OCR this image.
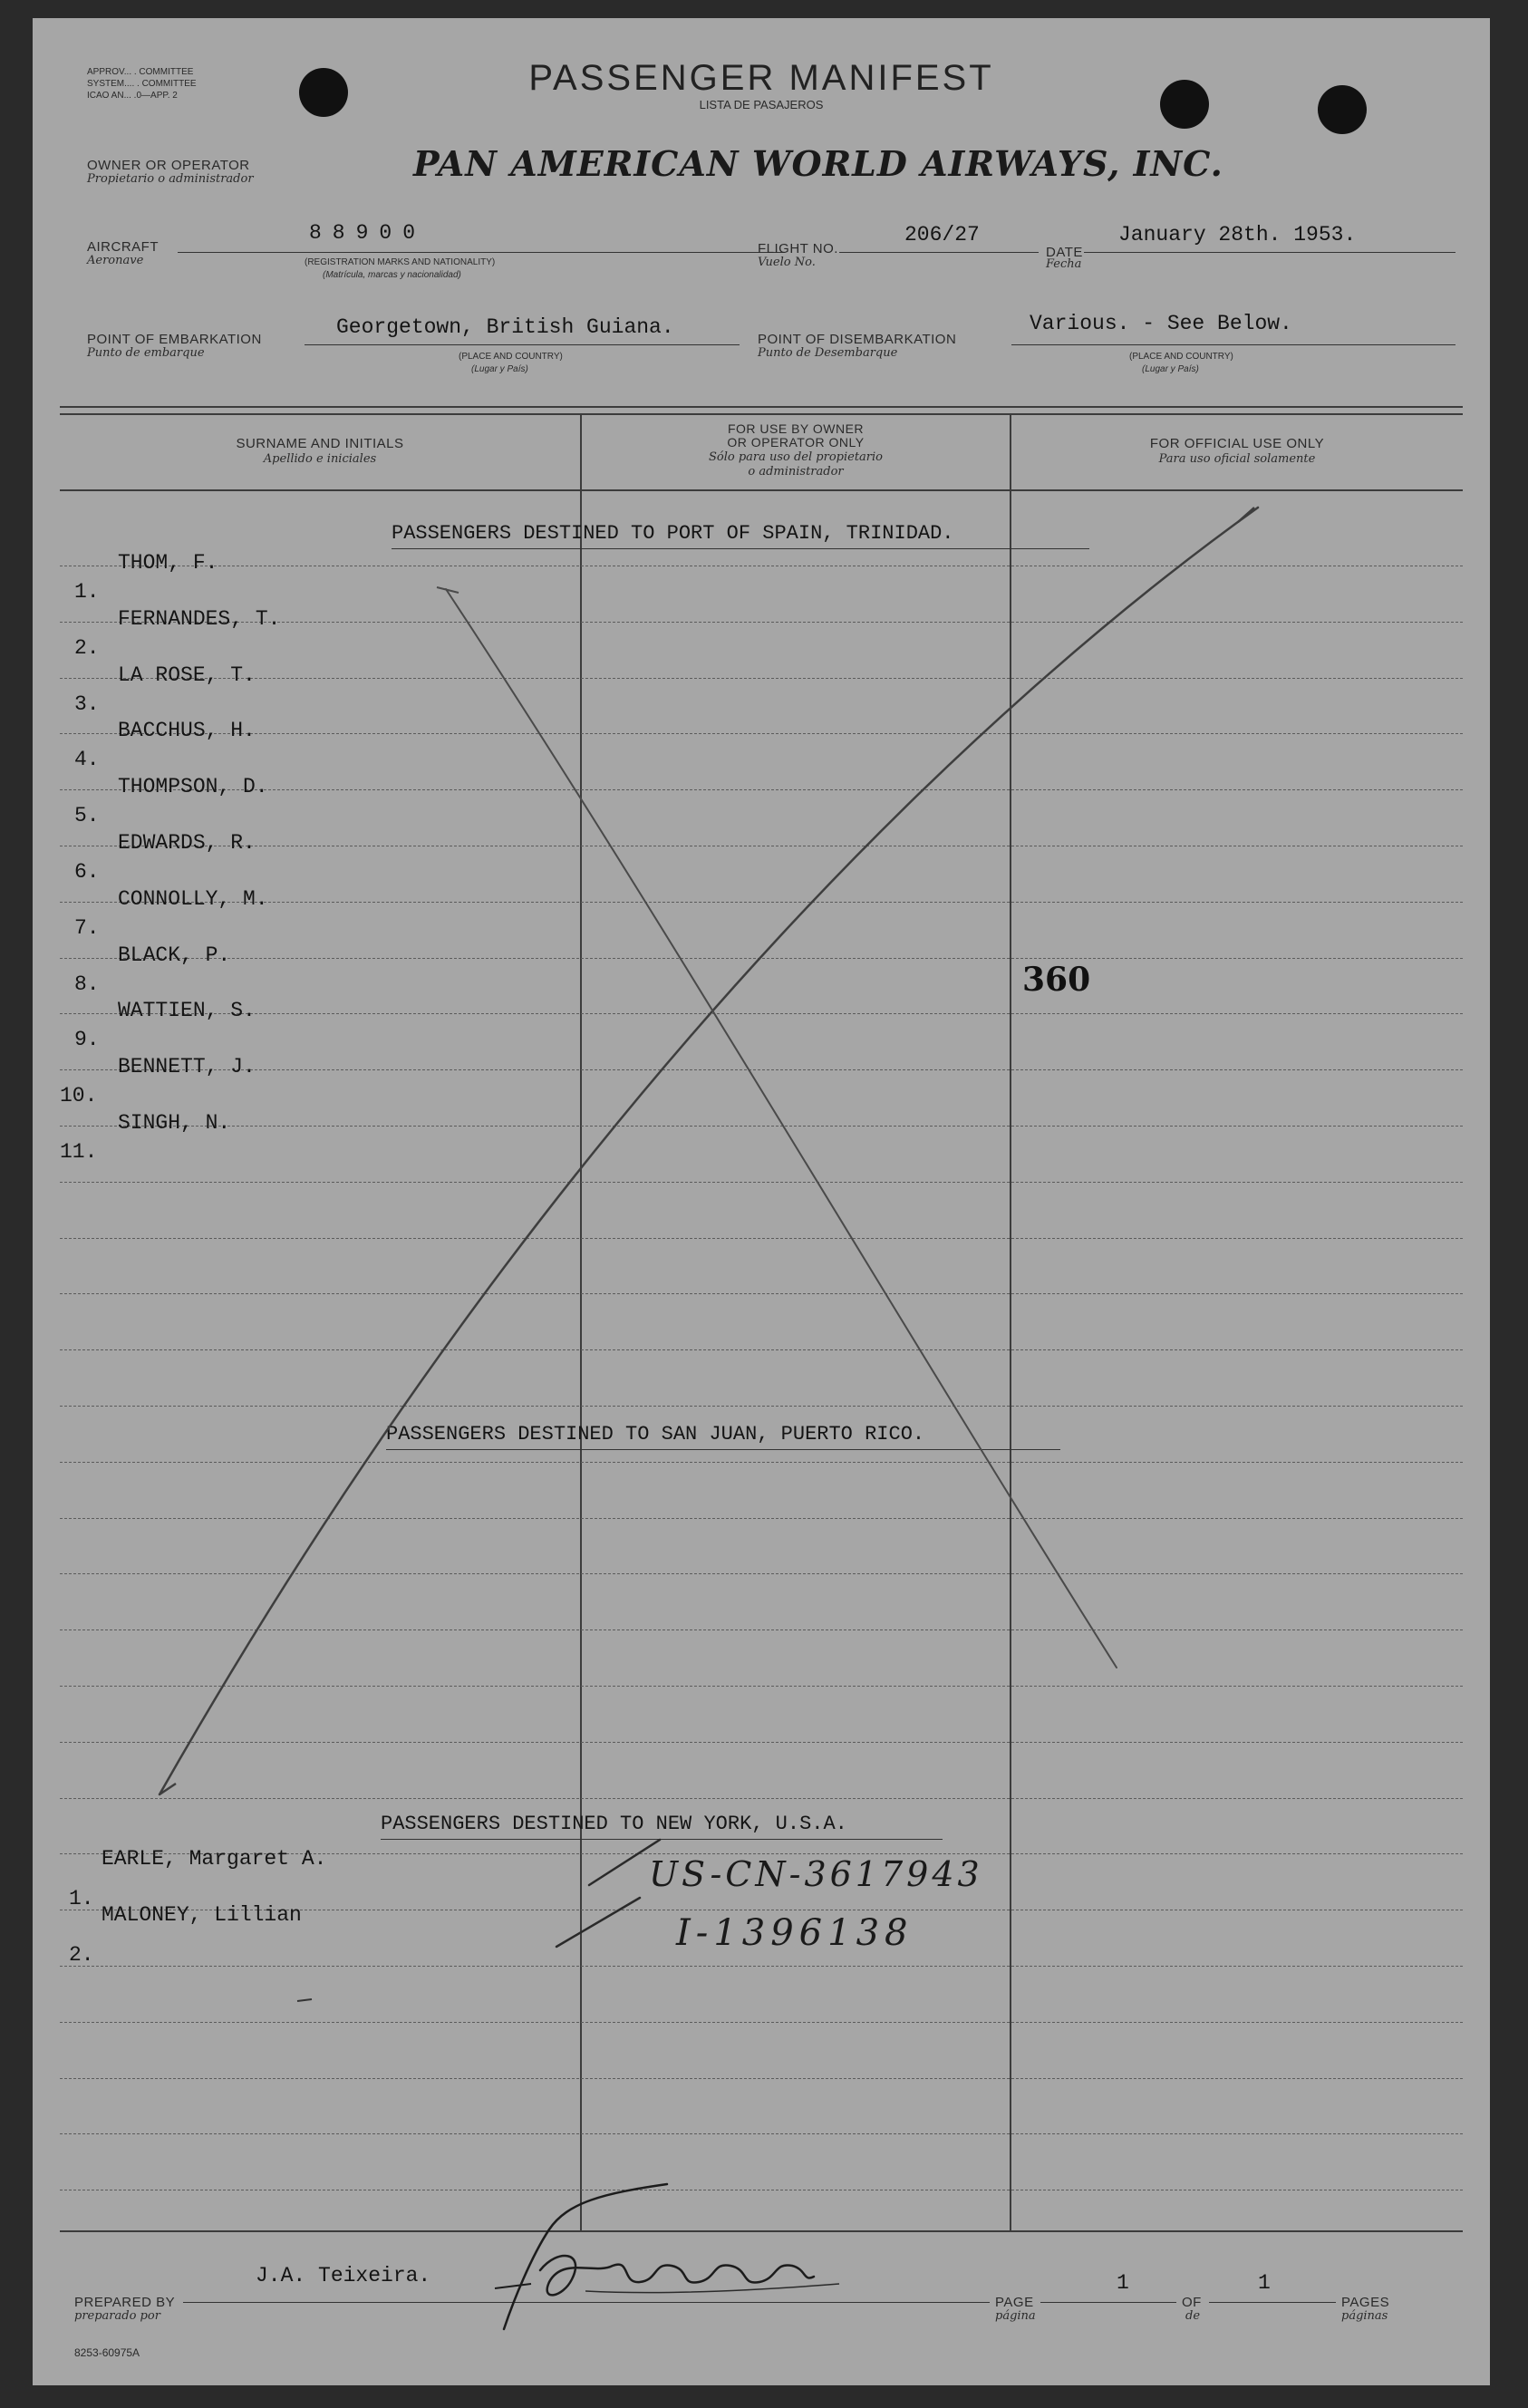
APPROV... . COMMITTEE
SYSTEM.... . COMMITTEE
ICAO AN... .0—APP. 2	PASSENGER MANIFEST
LISTA DE PASAJEROS
OWNER OR OPERATOR
Propietario o administrador	PAN AMERICAN WORLD AIRWAYS, INC.
AIRCRAFT
Aeronave
88900
(REGISTRATION MARKS AND NATIONALITY)
(Matrícula, marcas y nacionalidad)
FLIGHT NO.
Vuelo No.
206/27
DATE
Fecha
January 28th. 1953.
POINT OF EMBARKATION
Punto de embarque
Georgetown, British Guiana.
(PLACE AND COUNTRY)
(Lugar y País)
POINT OF DISEMBARKATION
Punto de Desembarque
Various. - See Below.
(PLACE AND COUNTRY)
(Lugar y País)
SURNAME AND INITIALS
Apellido e iniciales
FOR USE BY OWNER
OR OPERATOR ONLY
Sólo para uso del propietario
o administrador
FOR OFFICIAL USE ONLY
Para uso oficial solamente
PASSENGERS DESTINED TO PORT OF SPAIN, TRINIDAD.
THOM, F.
1.
FERNANDES, T.
2.
LA ROSE, T.
3.
BACCHUS, H.
4.
THOMPSON, D.
5.
EDWARDS, R.
6.
CONNOLLY, M.
7.
BLACK, P.
8.
WATTIEN, S.
9.
BENNETT, J.
10.
SINGH, N.
11.
360
PASSENGERS DESTINED TO SAN JUAN, PUERTO RICO.
PASSENGERS DESTINED TO NEW YORK, U.S.A.
1.
EARLE, Margaret A.
2.
MALONEY, Lillian
US-CN-3617943
I-1396138
PREPARED BY
preparado por
J.A. Teixeira.
PAGE
página
1
OF
de
1
PAGES
páginas
8253-60975A
